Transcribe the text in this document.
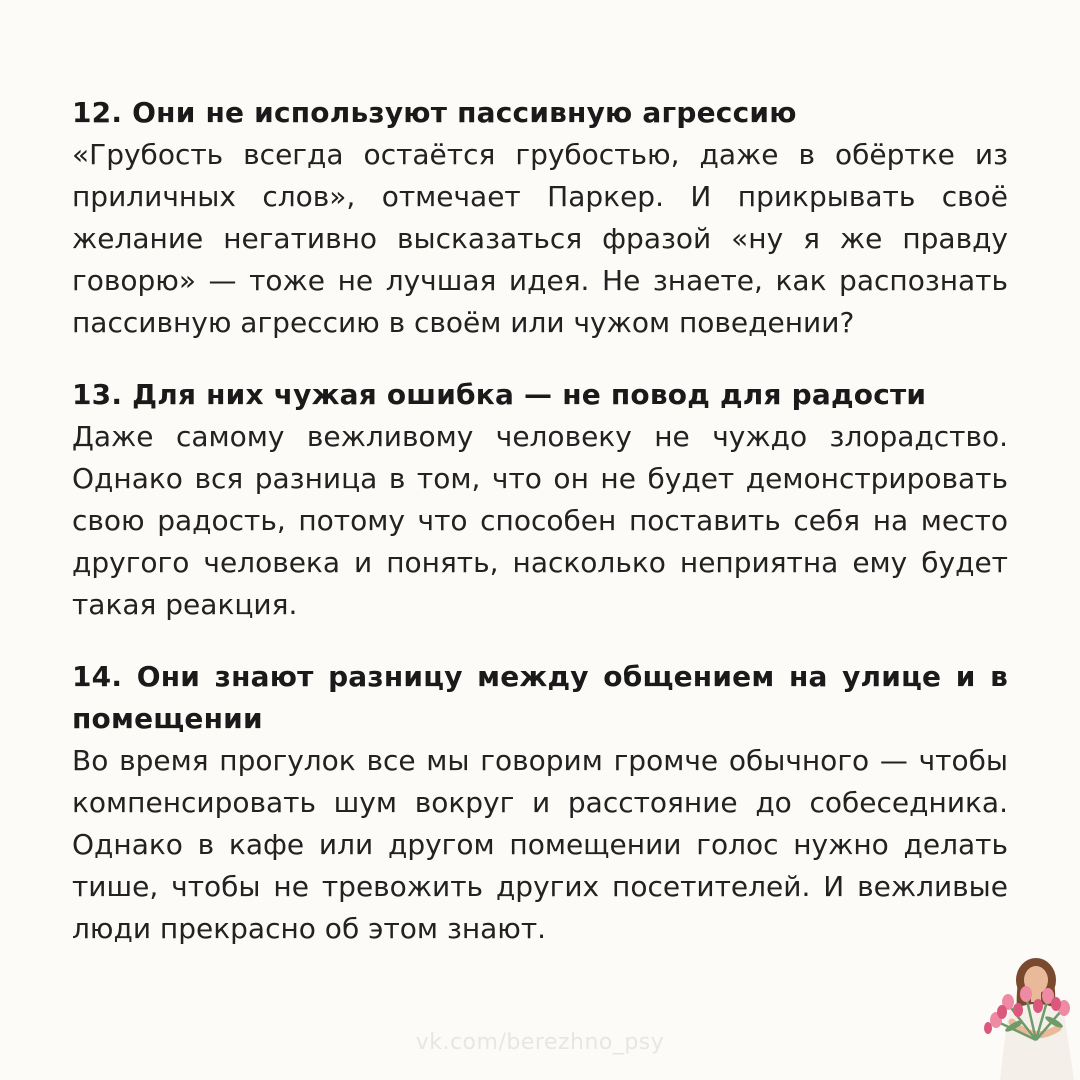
12. Они не используют пассивную агрессию

«Грубость всегда остаётся грубостью, даже в обёртке из приличных слов», отмечает Паркер. И прикрывать своё желание негативно высказаться фразой «ну я же правду говорю» — тоже не лучшая идея. Не знаете, как распознать пассивную агрессию в своём или чужом поведении?

13. Для них чужая ошибка — не повод для радости

Даже самому вежливому человеку не чуждо злорадство. Однако вся разница в том, что он не будет демонстрировать свою радость, потому что способен поставить себя на место другого человека и понять, насколько неприятна ему будет такая реакция.

14. Они знают разницу между общением на улице и в помещении

Во время прогулок все мы говорим громче обычного — чтобы компенсировать шум вокруг и расстояние до собеседника. Однако в кафе или другом помещении голос нужно делать тише, чтобы не тревожить других посетителей. И вежливые люди прекрасно об этом знают.

vk.com/berezhno_psy
